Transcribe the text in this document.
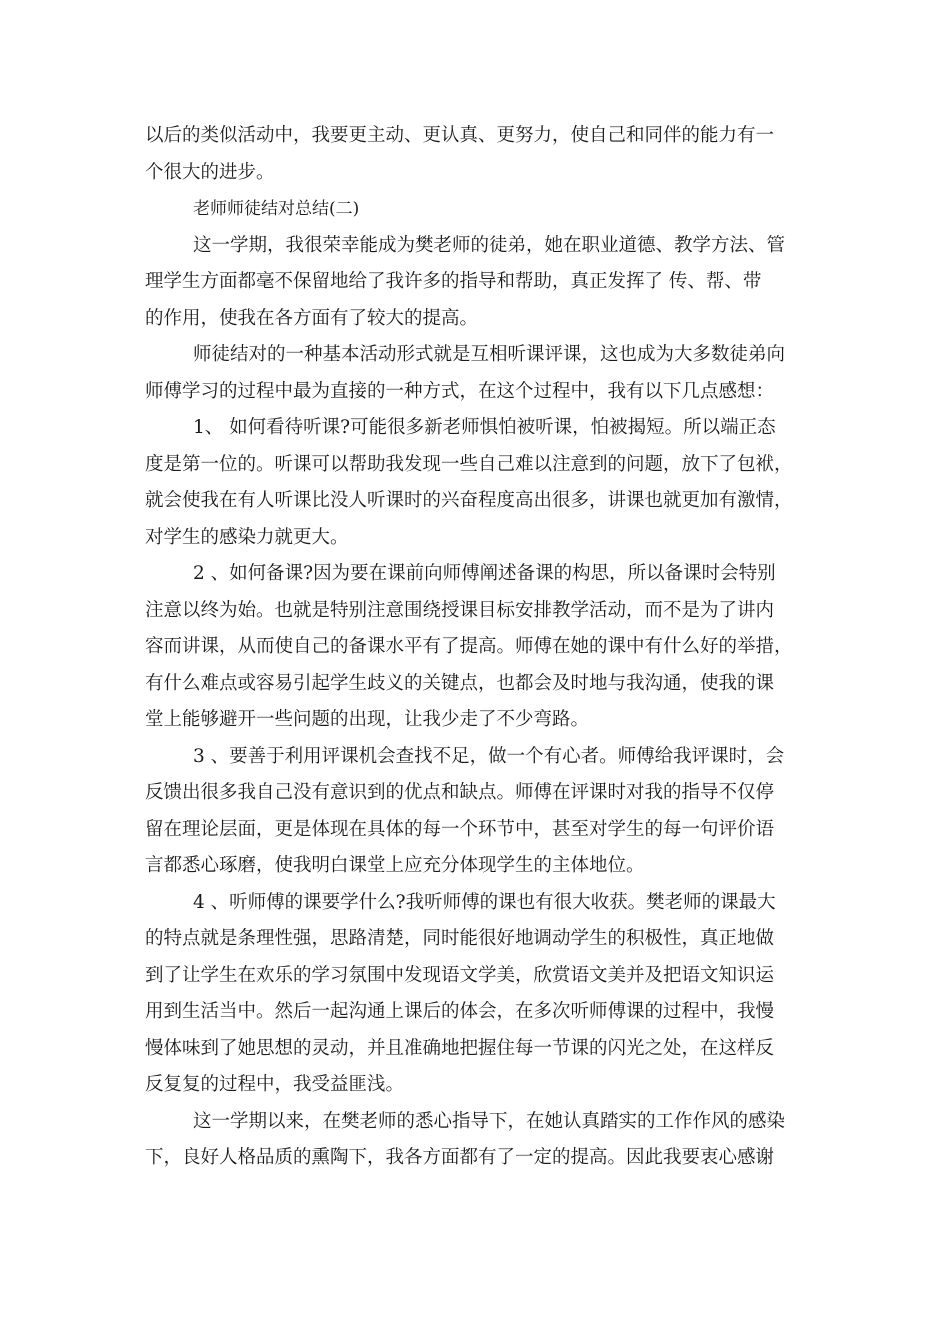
以后的类似活动中，我要更主动、更认真、更努力，使自己和同伴的能力有一
个很大的进步。
老师师徒结对总结(二)
这一学期，我很荣幸能成为樊老师的徒弟，她在职业道德、教学方法、管
理学生方面都毫不保留地给了我许多的指导和帮助，真正发挥了 传、帮、带
的作用，使我在各方面有了较大的提高。
师徒结对的一种基本活动形式就是互相听课评课，这也成为大多数徒弟向
师傅学习的过程中最为直接的一种方式，在这个过程中，我有以下几点感想：
1、 如何看待听课?可能很多新老师惧怕被听课，怕被揭短。所以端正态
度是第一位的。听课可以帮助我发现一些自己难以注意到的问题，放下了包袱，
就会使我在有人听课比没人听课时的兴奋程度高出很多，讲课也就更加有激情，
对学生的感染力就更大。
2 、如何备课?因为要在课前向师傅阐述备课的构思，所以备课时会特别
注意以终为始。也就是特别注意围绕授课目标安排教学活动，而不是为了讲内
容而讲课，从而使自己的备课水平有了提高。师傅在她的课中有什么好的举措，
有什么难点或容易引起学生歧义的关键点，也都会及时地与我沟通，使我的课
堂上能够避开一些问题的出现，让我少走了不少弯路。
3 、要善于利用评课机会查找不足，做一个有心者。师傅给我评课时，会
反馈出很多我自己没有意识到的优点和缺点。师傅在评课时对我的指导不仅停
留在理论层面，更是体现在具体的每一个环节中，甚至对学生的每一句评价语
言都悉心琢磨，使我明白课堂上应充分体现学生的主体地位。
4 、听师傅的课要学什么?我听师傅的课也有很大收获。樊老师的课最大
的特点就是条理性强，思路清楚，同时能很好地调动学生的积极性，真正地做
到了让学生在欢乐的学习氛围中发现语文学美，欣赏语文美并及把语文知识运
用到生活当中。然后一起沟通上课后的体会，在多次听师傅课的过程中，我慢
慢体味到了她思想的灵动，并且准确地把握住每一节课的闪光之处，在这样反
反复复的过程中，我受益匪浅。
这一学期以来，在樊老师的悉心指导下，在她认真踏实的工作作风的感染
下，良好人格品质的熏陶下，我各方面都有了一定的提高。因此我要衷心感谢
